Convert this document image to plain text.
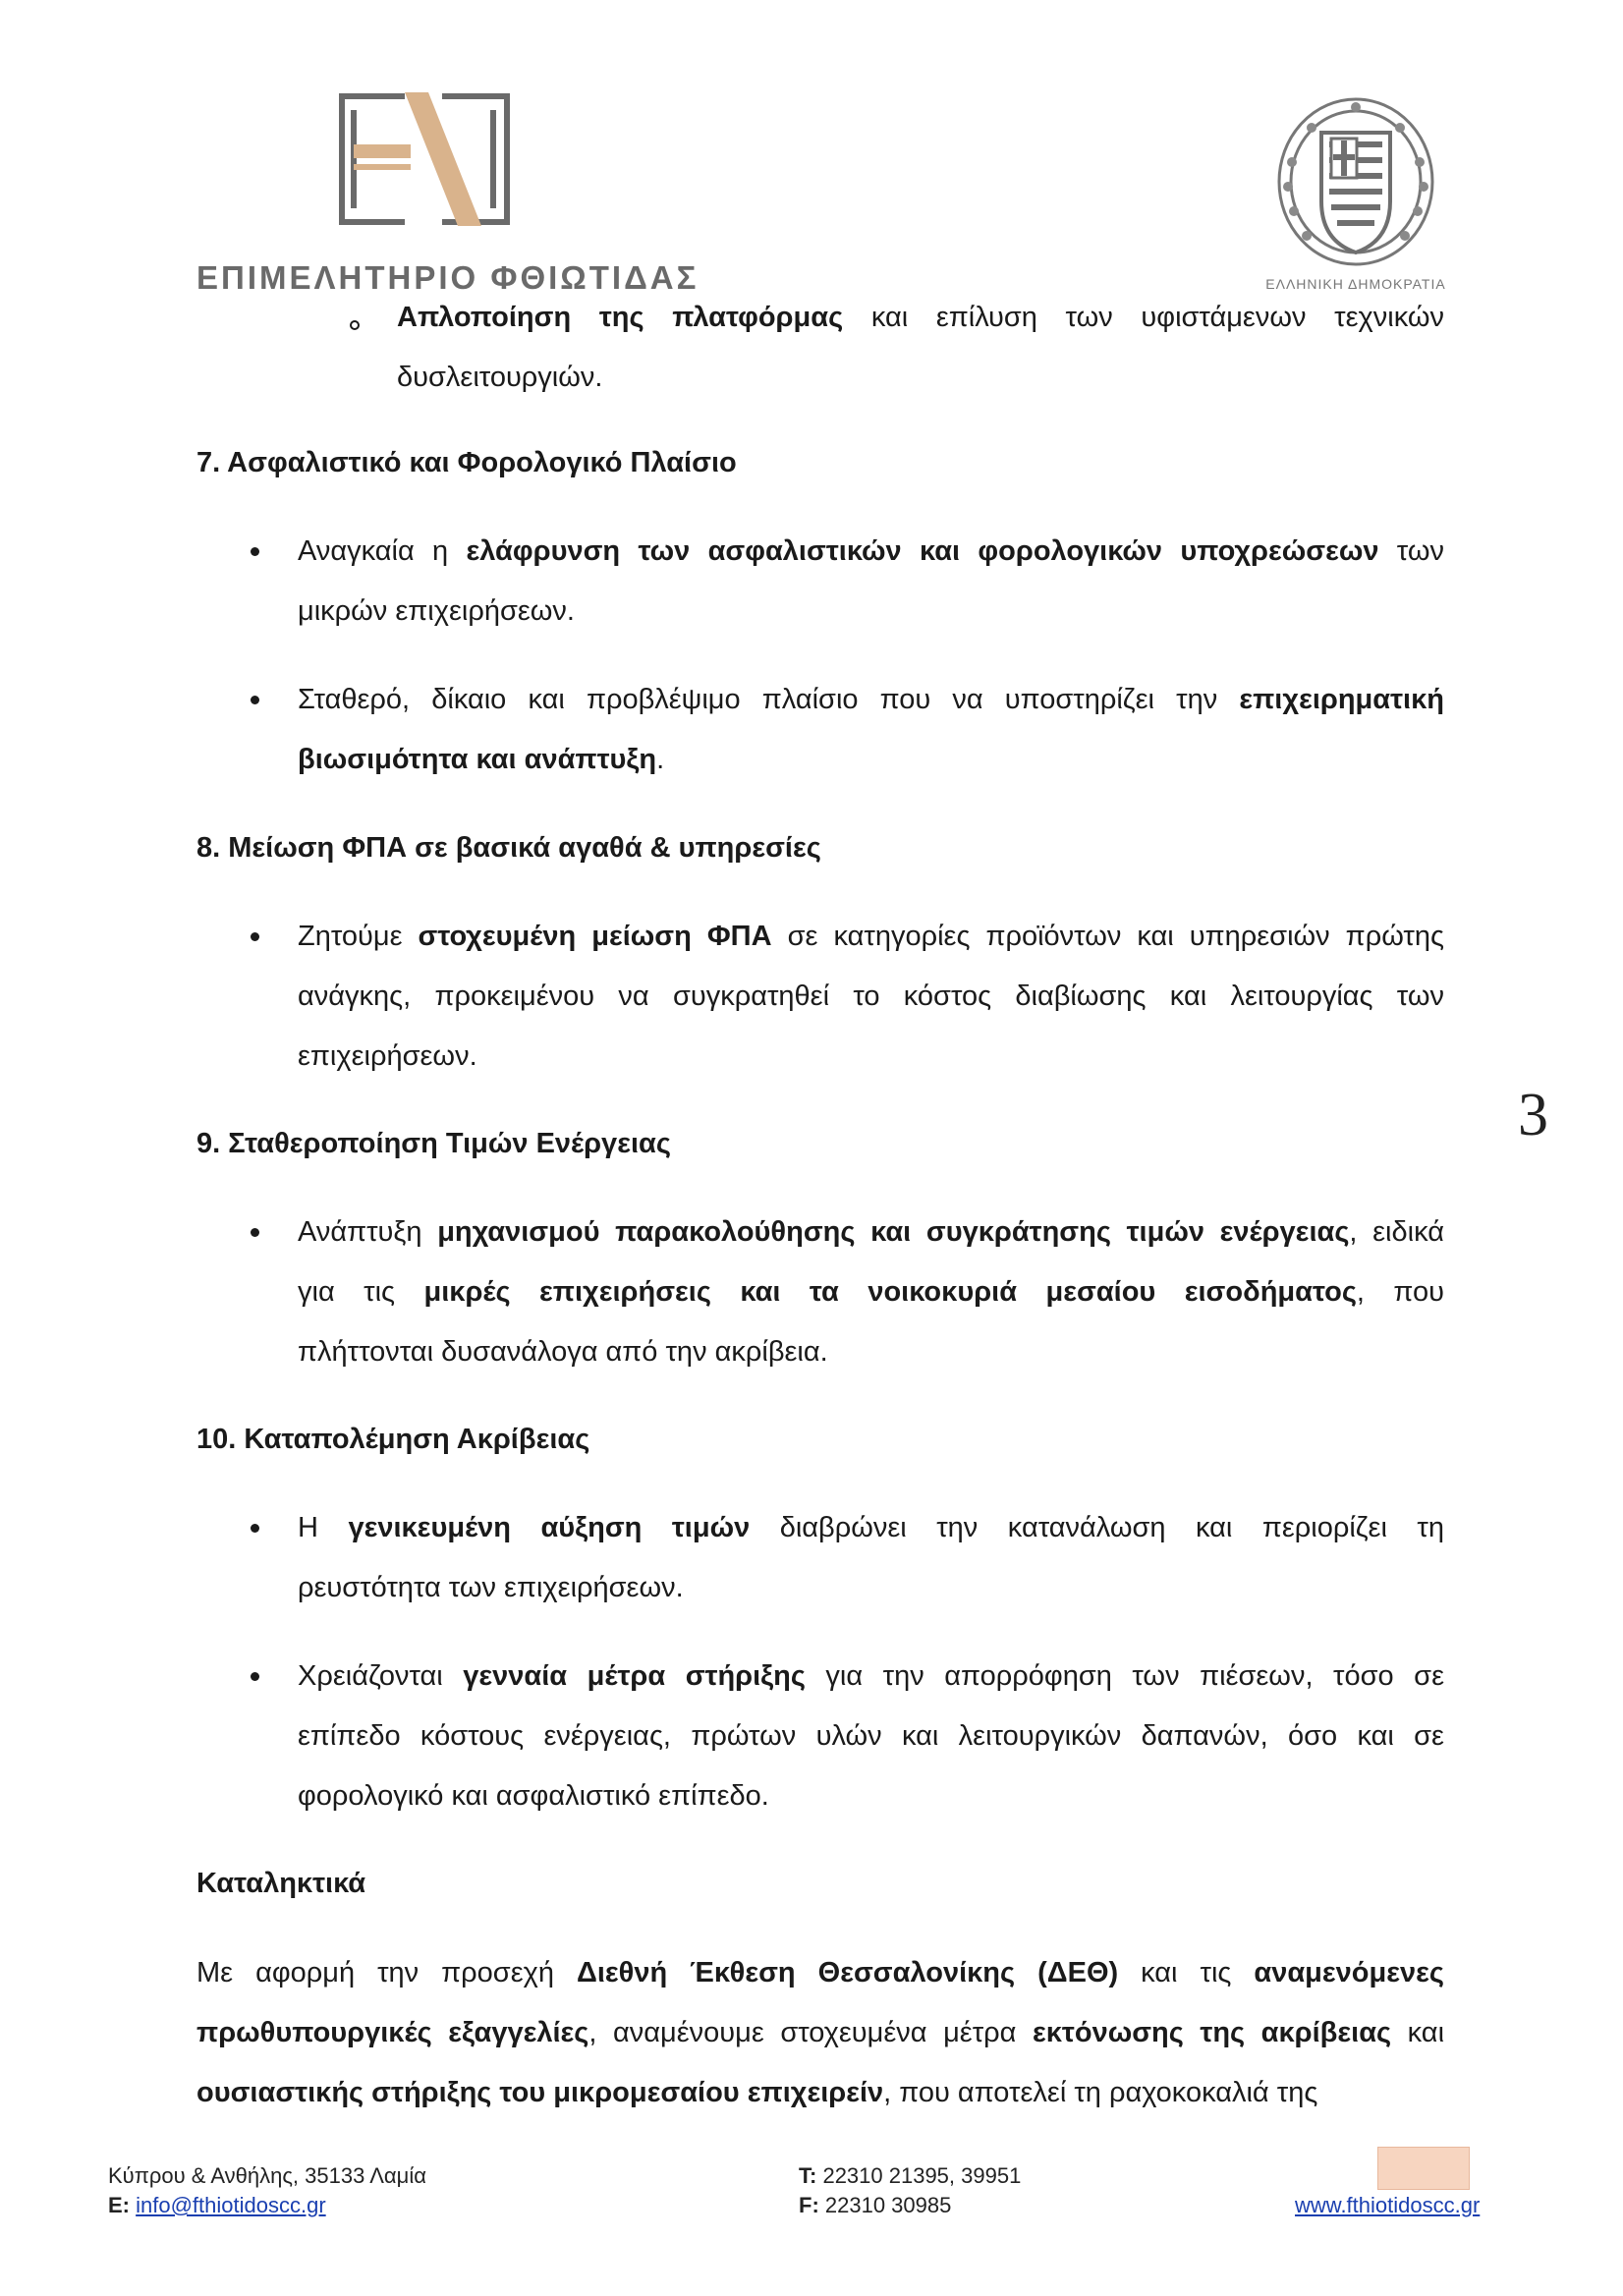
ΕΠΙΜΕΛΗΤΗΡΙΟ ΦΘΙΩΤΙΔΑΣ	ΕΛΛΗΝΙΚΗ ΔΗΜΟΚΡΑΤΙΑ
Απλοποίηση της πλατφόρμας και επίλυση των υφιστάμενων τεχνικών
δυσλειτουργιών.
7. Ασφαλιστικό και Φορολογικό Πλαίσιο
Αναγκαία η ελάφρυνση των ασφαλιστικών και φορολογικών υποχρεώσεων των
μικρών επιχειρήσεων.
Σταθερό, δίκαιο και προβλέψιμο πλαίσιο που να υποστηρίζει την επιχειρηματική
βιωσιμότητα και ανάπτυξη.
8. Μείωση ΦΠΑ σε βασικά αγαθά & υπηρεσίες
Ζητούμε στοχευμένη μείωση ΦΠΑ σε κατηγορίες προϊόντων και υπηρεσιών πρώτης
ανάγκης, προκειμένου να συγκρατηθεί το κόστος διαβίωσης και λειτουργίας των
επιχειρήσεων.
9. Σταθεροποίηση Τιμών Ενέργειας
Ανάπτυξη μηχανισμού παρακολούθησης και συγκράτησης τιμών ενέργειας, ειδικά
για τις μικρές επιχειρήσεις και τα νοικοκυριά μεσαίου εισοδήματος, που
πλήττονται δυσανάλογα από την ακρίβεια.
10. Καταπολέμηση Ακρίβειας
Η γενικευμένη αύξηση τιμών διαβρώνει την κατανάλωση και περιορίζει τη
ρευστότητα των επιχειρήσεων.
Χρειάζονται γενναία μέτρα στήριξης για την απορρόφηση των πιέσεων, τόσο σε
επίπεδο κόστους ενέργειας, πρώτων υλών και λειτουργικών δαπανών, όσο και σε
φορολογικό και ασφαλιστικό επίπεδο.
Καταληκτικά
Με αφορμή την προσεχή Διεθνή Έκθεση Θεσσαλονίκης (ΔΕΘ) και τις αναμενόμενες
πρωθυπουργικές εξαγγελίες, αναμένουμε στοχευμένα μέτρα εκτόνωσης της ακρίβειας και
ουσιαστικής στήριξης του μικρομεσαίου επιχειρείν, που αποτελεί τη ραχοκοκαλιά της
3
Κύπρου & Ανθήλης, 35133 Λαμία
E: info@fthiotidoscc.gr
T: 22310 21395, 39951
F: 22310 30985	www.fthiotidoscc.gr
